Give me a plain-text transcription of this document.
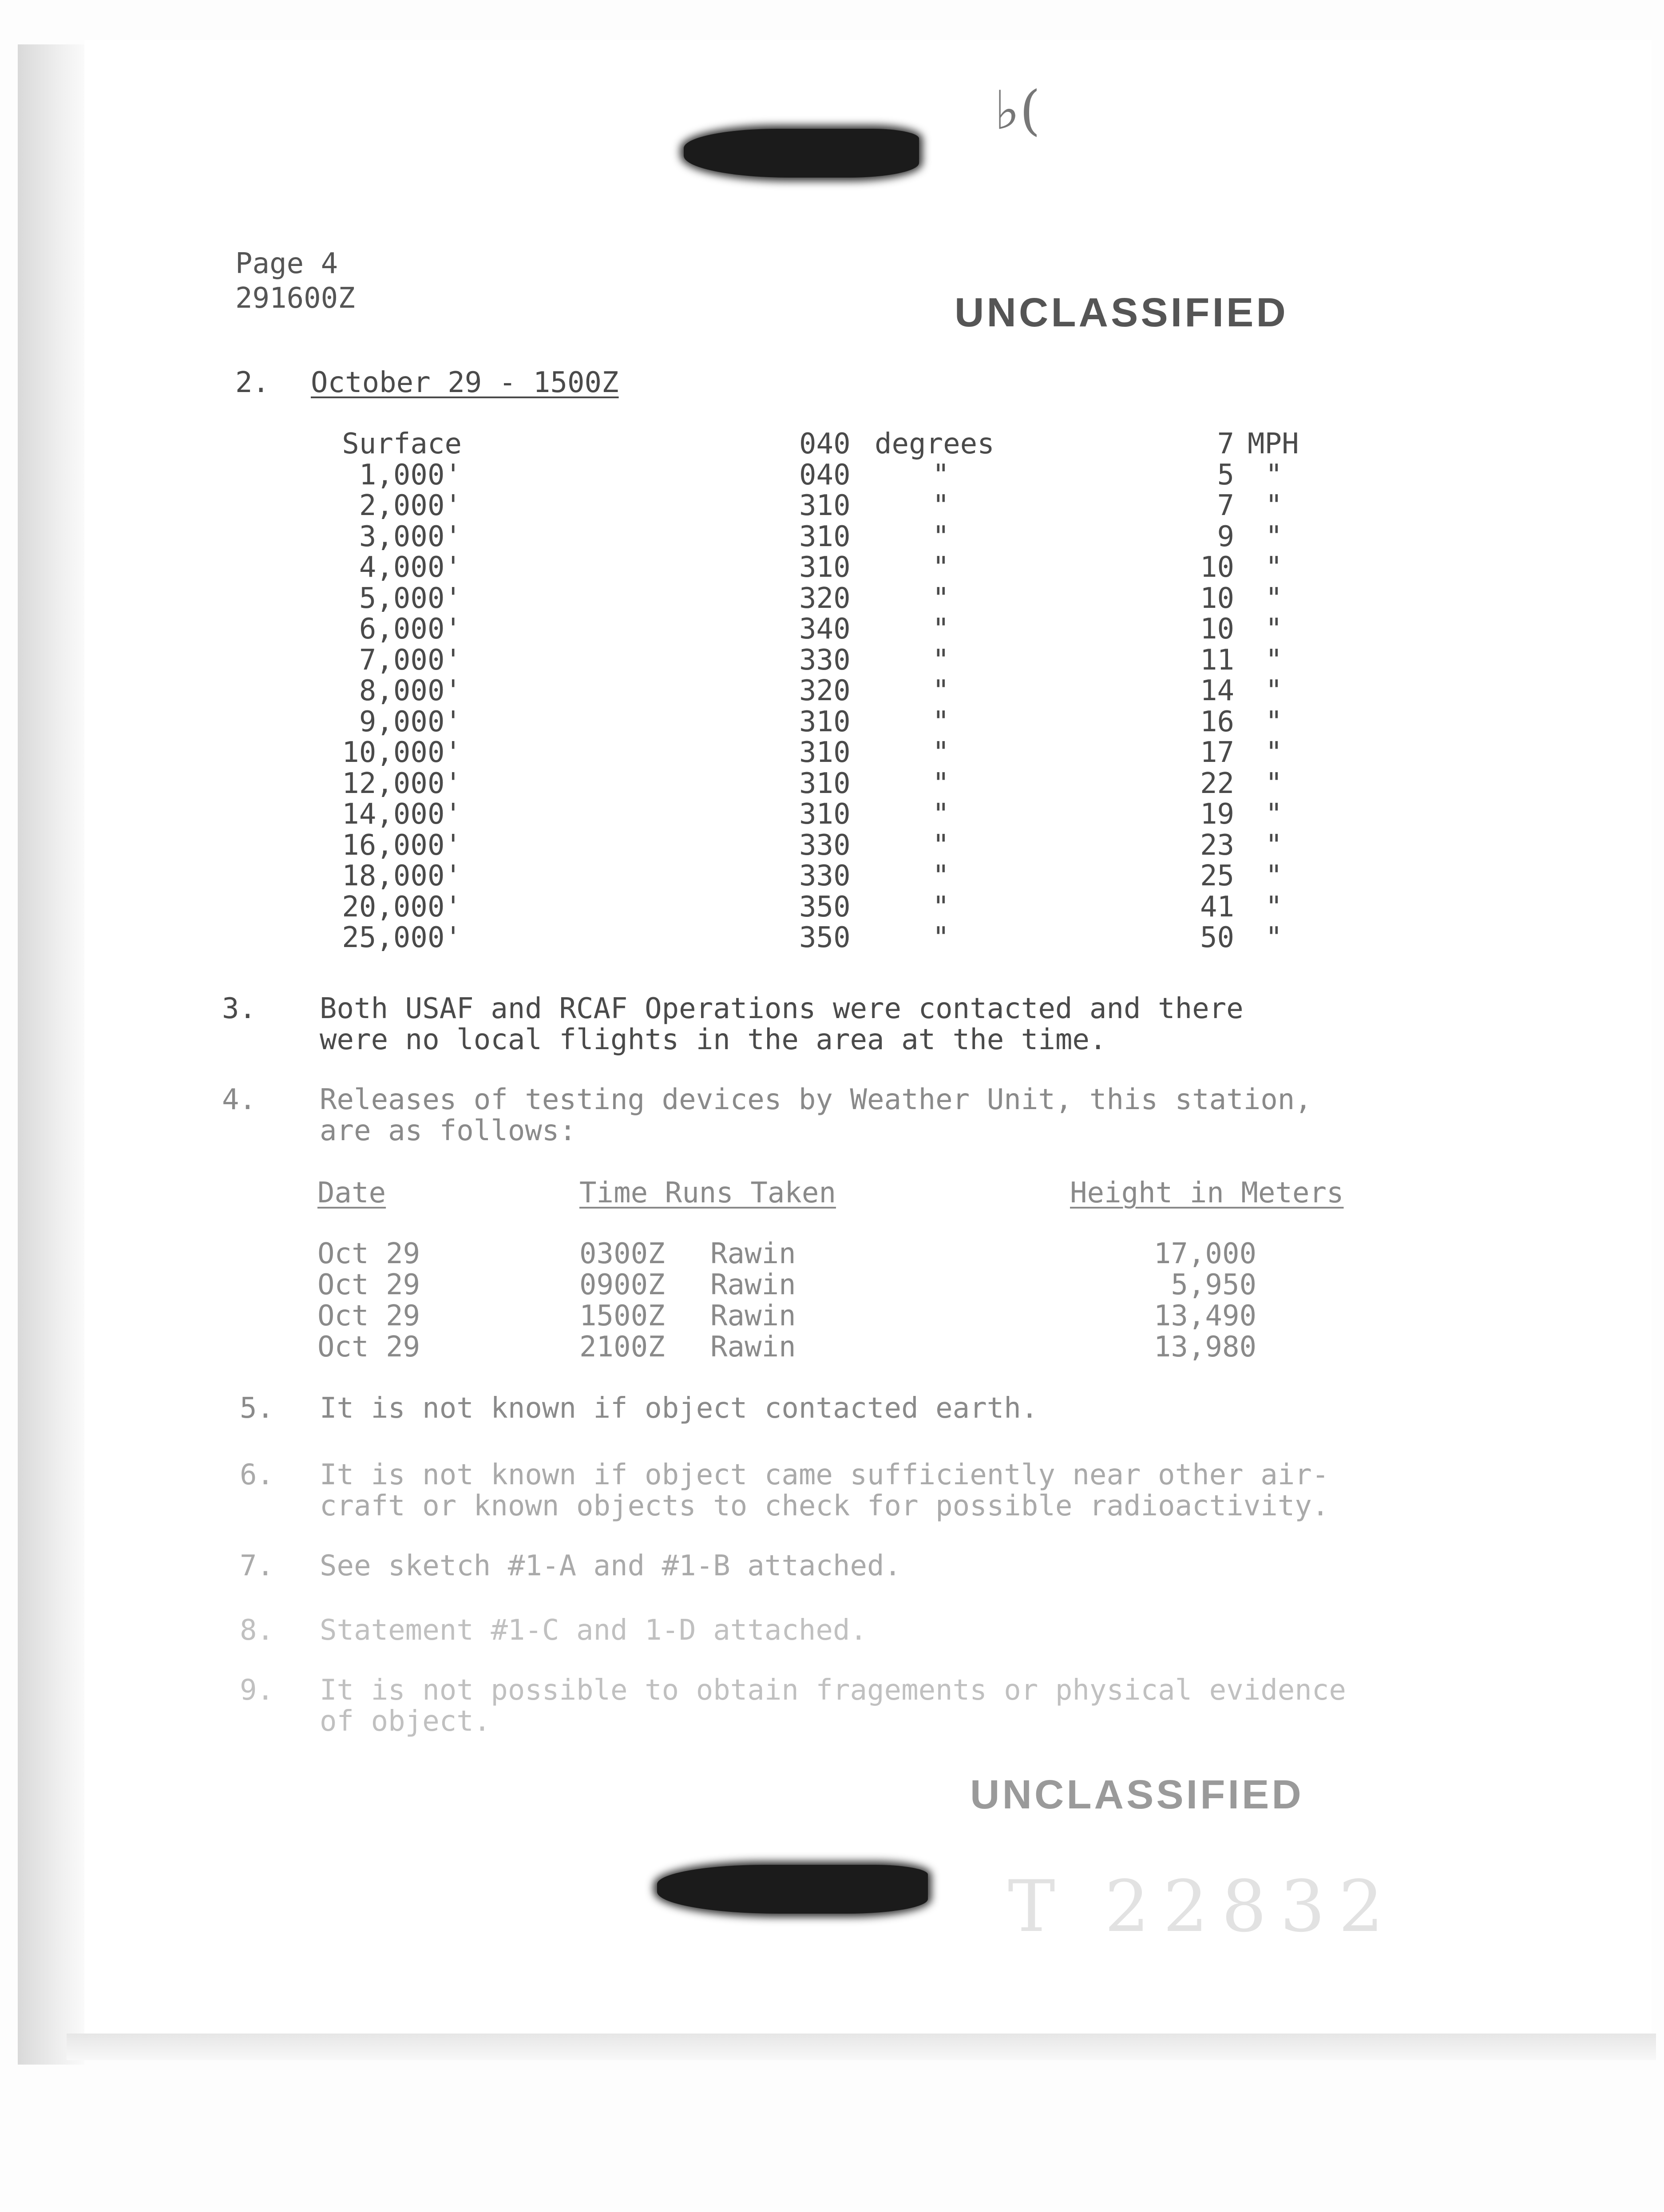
♭(
Page 4
291600Z	UNCLASSIFIED
2. October 29 - 1500Z
Surface	040 degrees	7 MPH
1,000'	040	"	5 "
2,000'	310	"	7 "
3,000'	310	"	9 "
4,000'	310	"	10 "
5,000'	320	"	10 "
6,000'	340	"	10 "
7,000'	330	"	11 "
8,000'	320	"	14 "
9,000'	310	"	16 "
10,000'	310	"	17 "
12,000'	310	"	22 "
14,000'	310	"	19 "
16,000'	330	"	23 "
18,000'	330	"	25 "
20,000'	350	"	41 "
25,000'	350	"	50 "
3. Both USAF and RCAF Operations were contacted and there
were no local flights in the area at the time.
4. Releases of testing devices by Weather Unit, this station,
are as follows:
Date	Time Runs Taken	Height in Meters
Oct 29	0300Z	Rawin	17,000
Oct 29	0900Z	Rawin	5,950
Oct 29	1500Z	Rawin	13,490
Oct 29	2100Z	Rawin	13,980
5. It is not known if object contacted earth.
6. It is not known if object came sufficiently near other air-
craft or known objects to check for possible radioactivity.
7. See sketch #1-A and #1-B attached.
8. Statement #1-C and 1-D attached.
9. It is not possible to obtain fragements or physical evidence
of object.
UNCLASSIFIED
T 22832
